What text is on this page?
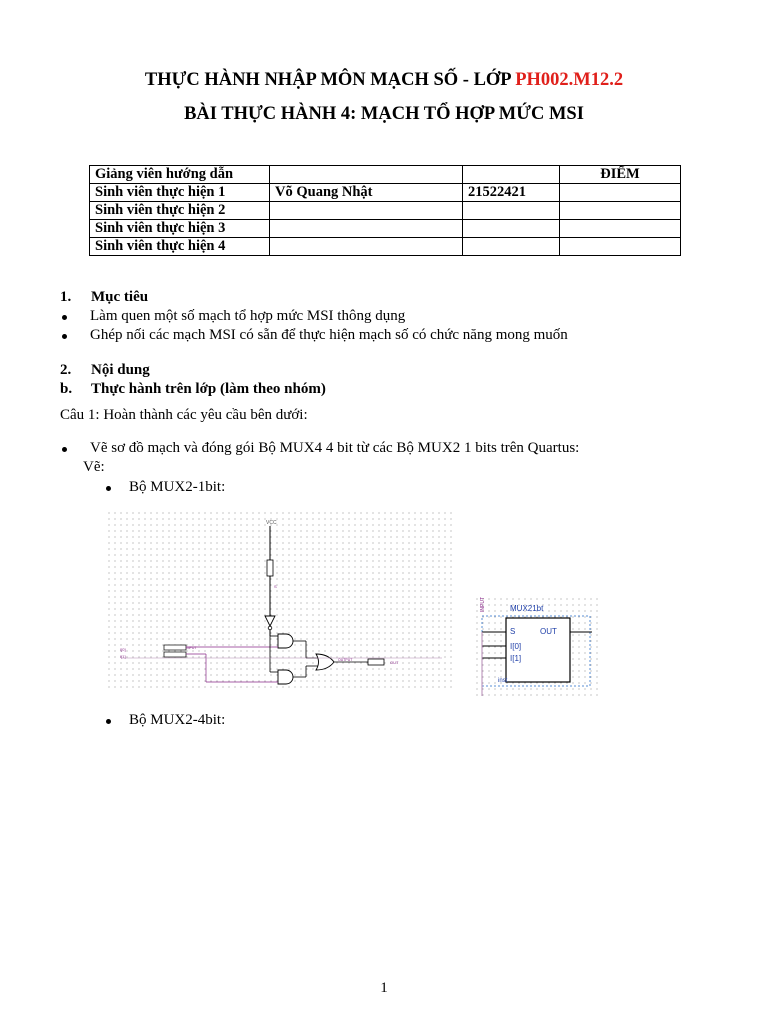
THỰC HÀNH NHẬP MÔN MẠCH SỐ - LỚP PH002.M12.2
BÀI THỰC HÀNH 4: MẠCH TỔ HỢP MỨC MSI
Giảng viên hướng dẫn			ĐIỂM
Sinh viên thực hiện 1	Võ Quang Nhật	21522421	
Sinh viên thực hiện 2			
Sinh viên thực hiện 3			
Sinh viên thực hiện 4			
1. Mục tiêu
Làm quen một số mạch tổ hợp mức MSI thông dụng
Ghép nối các mạch MSI có sẵn để thực hiện mạch số có chức năng mong muốn
2. Nội dung
b. Thực hành trên lớp (làm theo nhóm)
Câu 1: Hoàn thành các yêu cầu bên dưới:
Vẽ sơ đồ mạch và đóng gói Bộ MUX4 4 bit từ các Bộ MUX2 1 bits trên Quartus:
Vẽ:
Bộ MUX2-1bit:
VCC
S
I[0]
I[1]
INPUT
OUTPUT	OUT
INPUT	MUX21bt
S
I[0]
I[1]
OUT
inst
Bộ MUX2-4bit:
1
